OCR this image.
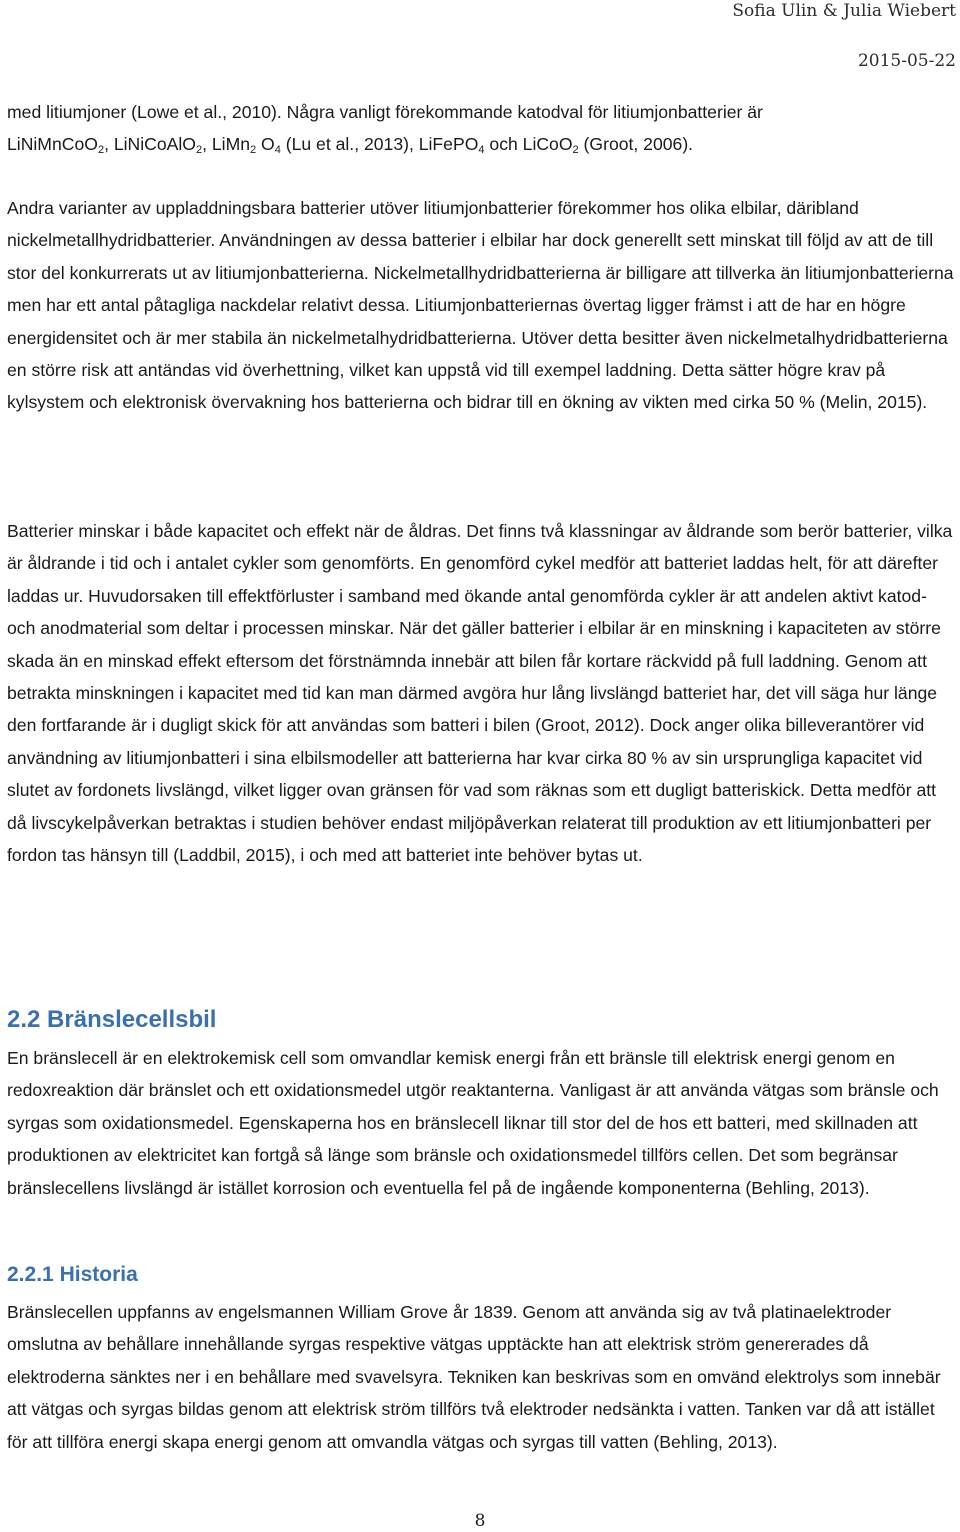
Sofia Ulin & Julia Wiebert
2015-05-22
med litiumjoner (Lowe et al., 2010). Några vanligt förekommande katodval för litiumjonbatterier är
LiNiMnCoO$_2$, LiNiCoAlO$_2$, LiMn$_2$ $O_4$ (Lu et al., 2013), LiFePO$_4$ och LiCoO$_2$ (Groot, 2006).

Andra varianter av uppladdningsbara batterier utöver litiumjonbatterier förekommer hos olika elbilar, däribland nickelmetallhydridbatterier. Användningen av dessa batterier i elbilar har dock generellt sett minskat till följd av att de till stor del konkurrerats ut av litiumjonbatterierna. Nickelmetallhydridbatterierna är billigare att tillverka än litiumjonbatterierna men har ett antal påtagliga nackdelar relativt dessa. Litiumjonbatteriernas övertag ligger främst i att de har en högre energidensitet och är mer stabila än nickelmetalhydridbatterierna. Utöver detta besitter även nickelmetalhydridbatterierna en större risk att antändas vid överhettning, vilket kan uppstå vid till exempel laddning. Detta sätter högre krav på kylsystem och elektronisk övervakning hos batterierna och bidrar till en ökning av vikten med cirka 50 % (Melin, 2015).

Batterier minskar i både kapacitet och effekt när de åldras. Det finns två klassningar av åldrande som berör batterier, vilka är åldrande i tid och i antalet cykler som genomförts. En genomförd cykel medför att batteriet laddas helt, för att därefter laddas ur. Huvudorsaken till effektförluster i samband med ökande antal genomförda cykler är att andelen aktivt katod- och anodmaterial som deltar i processen minskar. När det gäller batterier i elbilar är en minskning i kapaciteten av större skada än en minskad effekt eftersom det förstnämnda innebär att bilen får kortare räckvidd på full laddning. Genom att betrakta minskningen i kapacitet med tid kan man därmed avgöra hur lång livslängd batteriet har, det vill säga hur länge den fortfarande är i dugligt skick för att användas som batteri i bilen (Groot, 2012). Dock anger olika billeverantörer vid användning av litiumjonbatteri i sina elbilsmodeller att batterierna har kvar cirka 80 % av sin ursprungliga kapacitet vid slutet av fordonets livslängd, vilket ligger ovan gränsen för vad som räknas som ett dugligt batteriskick. Detta medför att då livscykelpåverkan betraktas i studien behöver endast miljöpåverkan relaterat till produktion av ett litiumjonbatteri per fordon tas hänsyn till (Laddbil, 2015), i och med att batteriet inte behöver bytas ut.

2.2 Bränslecellsbil

En bränslecell är en elektrokemisk cell som omvandlar kemisk energi från ett bränsle till elektrisk energi genom en redoxreaktion där bränslet och ett oxidationsmedel utgör reaktanterna. Vanligast är att använda vätgas som bränsle och syrgas som oxidationsmedel. Egenskaperna hos en bränslecell liknar till stor del de hos ett batteri, med skillnaden att produktionen av elektricitet kan fortgå så länge som bränsle och oxidationsmedel tillförs cellen. Det som begränsar bränslecellens livslängd är istället korrosion och eventuella fel på de ingående komponenterna (Behling, 2013).

2.2.1 Historia

Bränslecellen uppfanns av engelsmannen William Grove år 1839. Genom att använda sig av två platinaelektroder omslutna av behållare innehållande syrgas respektive vätgas upptäckte han att elektrisk ström genererades då elektroderna sänktes ner i en behållare med svavelsyra. Tekniken kan beskrivas som en omvänd elektrolys som innebär att vätgas och syrgas bildas genom att elektrisk ström tillförs två elektroder nedsänkta i vatten. Tanken var då att istället för att tillföra energi skapa energi genom att omvandla vätgas och syrgas till vatten (Behling, 2013).

8
